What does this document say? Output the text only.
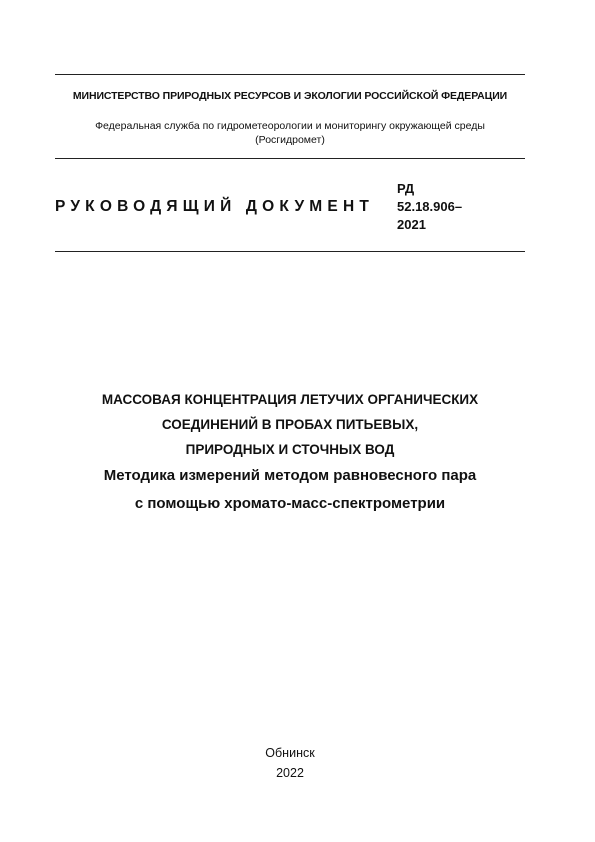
МИНИСТЕРСТВО ПРИРОДНЫХ РЕСУРСОВ И ЭКОЛОГИИ РОССИЙСКОЙ ФЕДЕРАЦИИ
Федеральная служба по гидрометеорологии и мониторингу окружающей среды
(Росгидромет)
РУКОВОДЯЩИЙ ДОКУМЕНТ
РД
52.18.906–
2021
МАССОВАЯ КОНЦЕНТРАЦИЯ ЛЕТУЧИХ ОРГАНИЧЕСКИХ
СОЕДИНЕНИЙ В ПРОБАХ ПИТЬЕВЫХ,
ПРИРОДНЫХ И СТОЧНЫХ ВОД
Методика измерений методом равновесного пара
с помощью хромато-масс-спектрометрии
Обнинск
2022
